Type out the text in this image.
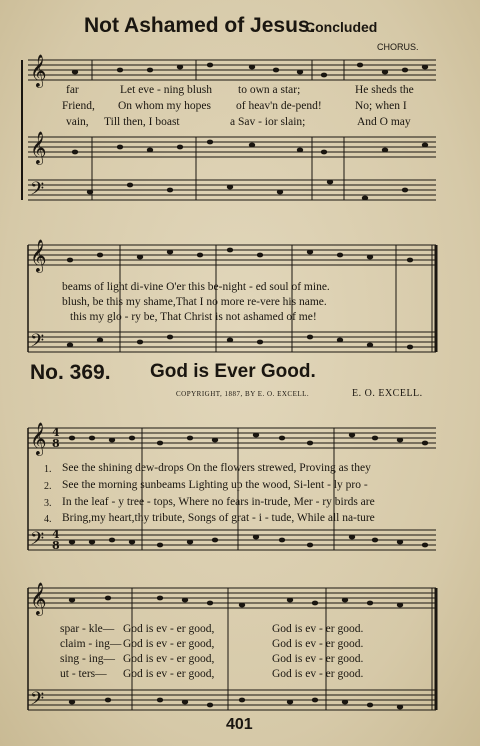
𝄞
𝄞
𝄢
𝄞
𝄢
𝄞
𝄢
𝄞
𝄢
4
8
4
8
Not Ashamed of Jesus.
Concluded
CHORUS.
far	Let eve - ning blush to own a star;	He sheds the
Friend, On whom my hopes of heav'n de-pend!	No; when I
vain, Till then, I boast	a Sav - ior slain;	And O may
beams of light di-vine O'er this be-night - ed soul of mine.
blush, be this my shame,That I no more re-vere his name.
this my glo - ry be, That Christ is not ashamed of me!
No. 369. God is Ever Good.
COPYRIGHT, 1887, BY E. O. EXCELL.	E. O. EXCELL.
1. See the shining dew-drops On the flowers strewed, Proving as they
2. See the morning sunbeams Lighting up the wood, Si-lent - ly pro -
3. In the leaf - y tree - tops, Where no fears in-trude, Mer - ry birds are
4. Bring,my heart,thy tribute, Songs of grat - i - tude, While all na-ture
spar - kle— God is ev - er good,	God is ev - er good.
claim - ing— God is ev - er good,	God is ev - er good.
sing - ing— God is ev - er good,	God is ev - er good.
ut - ters— God is ev - er good,	God is ev - er good.
401
